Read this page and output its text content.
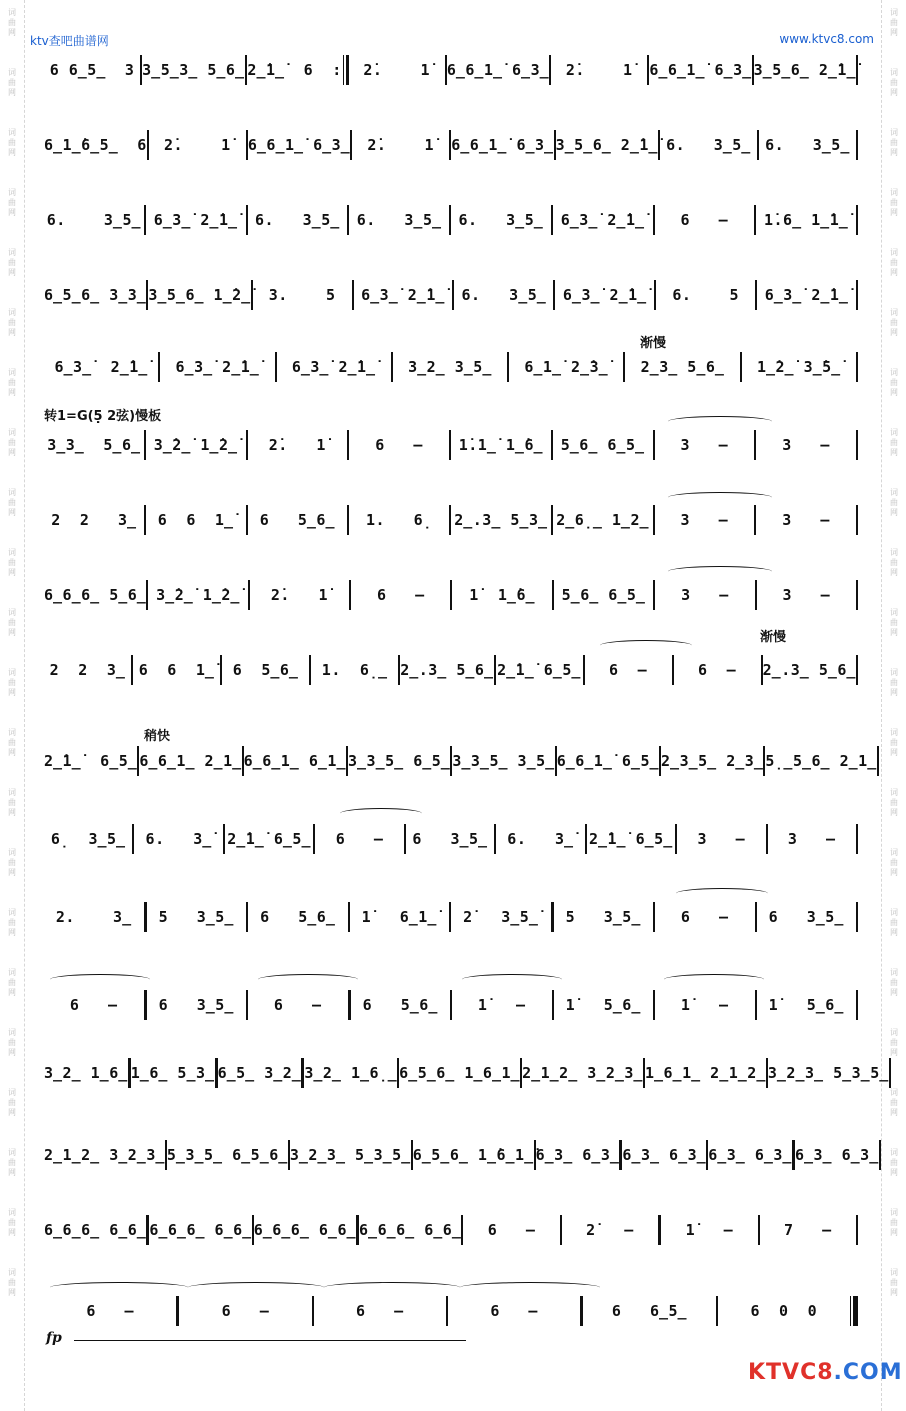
词
曲
网
词
曲
网
词
曲
网
词
曲
网
词
曲
网
词
曲
网
词
曲
网
词
曲
网
词
曲
网
词
曲
网
词
曲
网
词
曲
网
词
曲
网
词
曲
网
词
曲
网
词
曲
网
词
曲
网
词
曲
网
词
曲
网
词
曲
网
词
曲
网
词
曲
网
词
曲
网
词
曲
网
词
曲
网
词
曲
网
词
曲
网
词
曲
网
词
曲
网
词
曲
网
词
曲
网
词
曲
网
词
曲
网
词
曲
网
词
曲
网
词
曲
网
词
曲
网
词
曲
网
词
曲
网
词
曲
网
词
曲
网
词
曲
网
词
曲
网
词
曲
网
ktv查吧曲谱网	www.ktvc8.com
6 6̲5̲  3 3̲5̲3̲ 5̲6̲ 2̲̇1̲̇  6  :	2̇.    1̇	6̲6̲1̲̇ 6̲3̲	2̇.    1̇	6̲6̲1̲̇ 6̲3̲ 3̲5̲6̲ 2̲̇1̲̇
6̲1̲̇6̲5̲  6	2̇.    1̇	6̲6̲1̲̇ 6̲3̲	2̇.    1̇	6̲6̲1̲̇ 6̲3̲ 3̲5̲6̲ 2̲̇1̲̇ 6.   3̲5̲ 6.   3̲5̲
6.    3̲5̲ 6̲3̲̇ 2̲̇1̲̇	6.   3̲5̲	6.   3̲5̲	6.   3̲5̲	6̲3̲̇ 2̲̇1̲̇	6   –	1̇.6̲ 1̲̇1̲̇
6̲5̲6̲ 3̲3̲ 3̲5̲6̲ 1̲̇2̲̇	3.    5	6̲3̲̇ 2̲̇1̲̇	6.   3̲5̲	6̲3̲̇ 2̲̇1̲̇	6.    5	6̲3̲̇ 2̲̇1̲̇
6̲3̲̇  2̲̇1̲̇	6̲3̲̇ 2̲̇1̲̇	6̲3̲̇ 2̲̇1̲̇	3̲2̲ 3̲5̲	6̲1̲̇ 2̲̇3̲̇	2̲3̲ 5̲6̲	1̲̇2̲̇ 3̲̇5̲̇
3̲3̲  5̲6̲ 3̲̇2̲̇ 1̲̇2̲̇	2̇.   1̇	6   –	1̇.1̲̇ 1̲̇6̲	5̲6̲ 6̲5̲	3   –	3   –
2  2   3̲	6  6  1̲̇	6   5̲6̲	1.   6̣	2̲.3̲ 5̲3̲ 2̲6̣̲ 1̲2̲	3   –	3   –
6̲6̲6̲ 5̲6̲ 3̲̇2̲̇ 1̲̇2̲̇	2̇.   1̇	6   –	1̇  1̲̇6̲	5̲6̲ 6̲5̲	3   –	3   –
2  2  3̲ 6  6  1̲̇	6  5̲6̲	1.  6̣̲ 2̲.3̲ 5̲6̲ 2̲̇1̲̇ 6̲5̲	6  –	6  –	2̲.3̲ 5̲6̲
2̲̇1̲̇  6̲5̲ 6̲6̲1̲ 2̲1̲ 6̲6̲1̲ 6̲1̲ 3̲3̲5̲ 6̲5̲ 3̲3̲5̲ 3̲5̲ 6̲6̲1̲̇ 6̲5̲ 2̲3̲5̲ 2̲3̲ 5̣̲5̲6̲ 2̲1̲
6̣  3̲5̲	6.   3̲̇	2̲̇1̲̇ 6̲5̲	6   –	6   3̲5̲	6.   3̲̇	2̲̇1̲̇ 6̲5̲	3   –	3   –
2.    3̲	5   3̲5̲	6   5̲6̲	1̇   6̲1̲̇	2̇   3̲5̲̇	5   3̲5̲	6   –	6   3̲5̲
6   –	6   3̲5̲	6   –	6   5̲6̲	1̇   –	1̇   5̲6̲	1̇   –	1̇   5̲6̲
3̲2̲ 1̲6̲ 1̲6̲ 5̲3̲ 6̲5̲ 3̲2̲ 3̲2̲ 1̲6̣̲ 6̲5̲6̲ 1̲6̲1̲ 2̲1̲2̲ 3̲2̲3̲ 1̲6̲1̲ 2̲1̲2̲ 3̲2̲3̲ 5̲3̲5̲
2̲1̲2̲ 3̲2̲3̲ 5̲3̲5̲ 6̲5̲6̲ 3̲2̲3̲ 5̲3̲5̲ 6̲5̲6̲ 1̲̇6̲1̲̇ 6̲3̲ 6̲3̲ 6̲3̲ 6̲3̲ 6̲3̲ 6̲3̲ 6̲3̲ 6̲3̲
6̲6̲6̲ 6̲6̲ 6̲6̲6̲ 6̲6̲ 6̲6̲6̲ 6̲6̲ 6̲6̲6̲ 6̲6̲	6   –	2̇   –	1̇   –	7   –
6   –	6   –	6   –	6   –	6   6̲5̲	6  0  0
渐慢
转1=G(5̣ 2弦)慢板
渐慢
稍快
fp
KTVC8.COM
